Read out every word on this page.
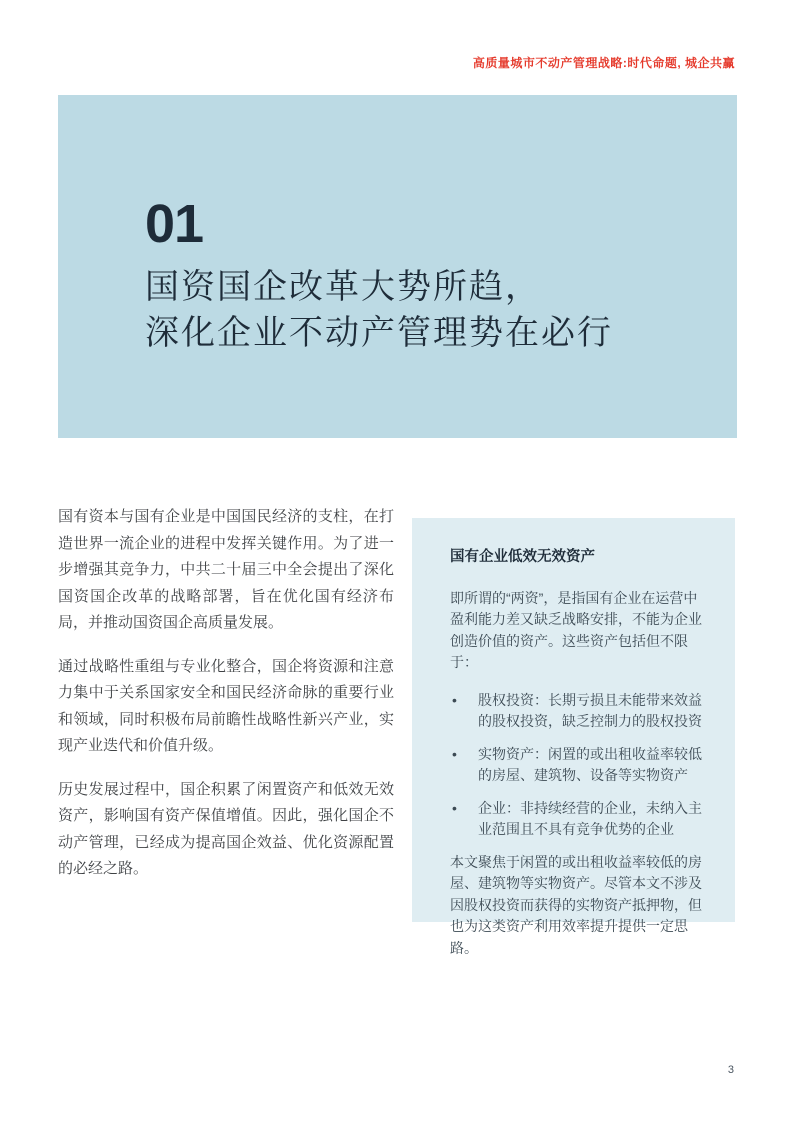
高质量城市不动产管理战略:时代命题, 城企共赢
01
国资国企改革大势所趋，
深化企业不动产管理势在必行

国有资本与国有企业是中国国民经济的支柱，在打造世界一流企业的进程中发挥关键作用。为了进一步增强其竞争力，中共二十届三中全会提出了深化国资国企改革的战略部署，旨在优化国有经济布局，并推动国资国企高质量发展。

通过战略性重组与专业化整合，国企将资源和注意力集中于关系国家安全和国民经济命脉的重要行业和领域，同时积极布局前瞻性战略性新兴产业，实现产业迭代和价值升级。

历史发展过程中，国企积累了闲置资产和低效无效资产，影响国有资产保值增值。因此，强化国企不动产管理，已经成为提高国企效益、优化资源配置的必经之路。

国有企业低效无效资产

即所谓的“两资”，是指国有企业在运营中盈利能力差又缺乏战略安排，不能为企业创造价值的资产。这些资产包括但不限于：

• 股权投资：长期亏损且未能带来效益的股权投资，缺乏控制力的股权投资
• 实物资产：闲置的或出租收益率较低的房屋、建筑物、设备等实物资产
• 企业：非持续经营的企业，未纳入主业范围且不具有竞争优势的企业

本文聚焦于闲置的或出租收益率较低的房屋、建筑物等实物资产。尽管本文不涉及因股权投资而获得的实物资产抵押物，但也为这类资产利用效率提升提供一定思路。

3
